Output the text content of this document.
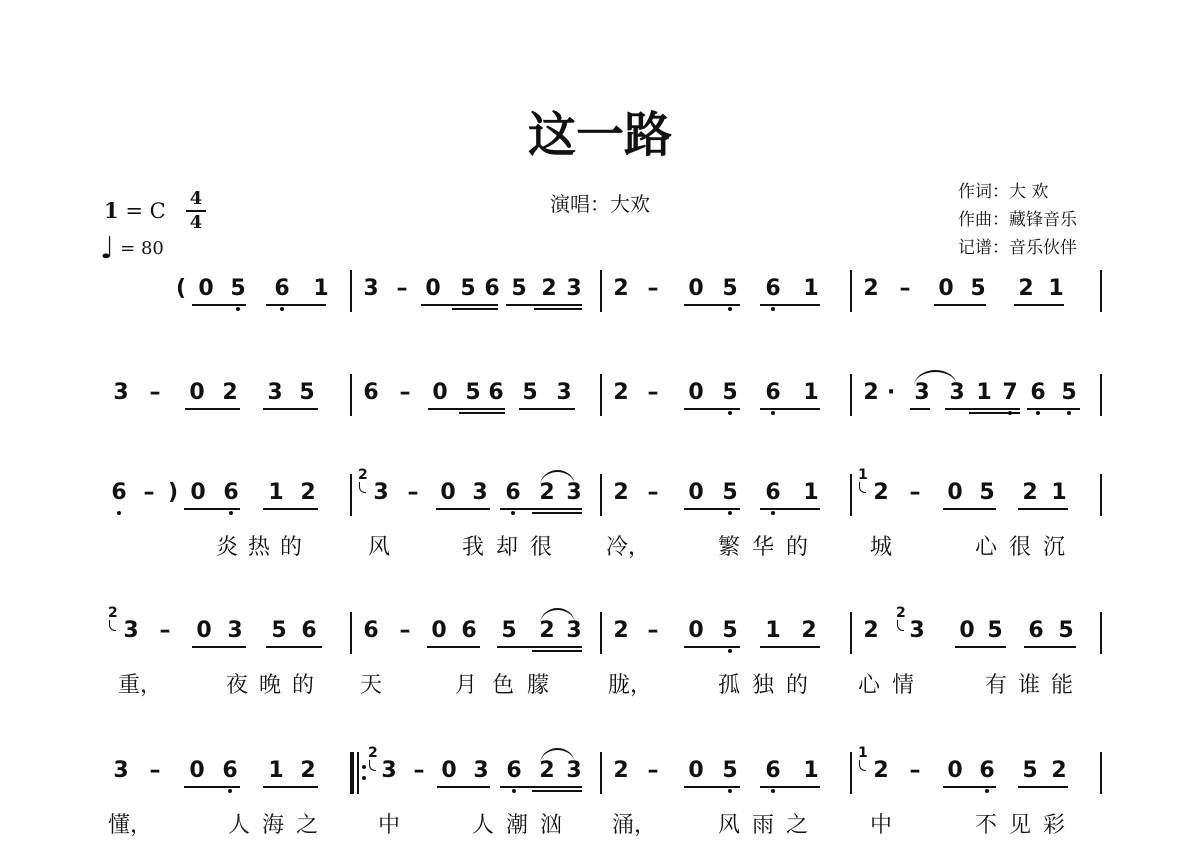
这一路
演唱：大欢	作词：大 欢
作曲：藏锋音乐
记谱：音乐伙伴
1 = C
4
4
♩ = 80
( 0 5 6 1 3 – 0 5 6 5 2 3 2 – 0 5 6 1 2 – 0 5 2 1
3 – 0 2 3 5 6 – 0 5 6 5 3 2 – 0 5 6 1 2 · 3 3 1 7 6 5
2	1
6 – ) 0 6 1 2	3 – 0 3 6 2 3 2 – 0 5 6 1 2 – 0 5 2 1
炎 热 的	风	我 却 很 冷，	繁 华 的	城	心 很 沉
2	2
3 – 0 3 5 6 6 – 0 6 5 2 3 2 – 0 5 1 2 2 3 0 5 6 5
重，	夜 晚 的 天	月 色 朦	胧，	孤 独 的 心 情	有 谁 能
2	1
3 – 0 6 1 2	3 – 0 3 6 2 3 2 – 0 5 6 1 2 – 0 6 5 2
懂，	人 海 之	中	人 潮 汹 涌，	风 雨 之	中	不 见 彩
